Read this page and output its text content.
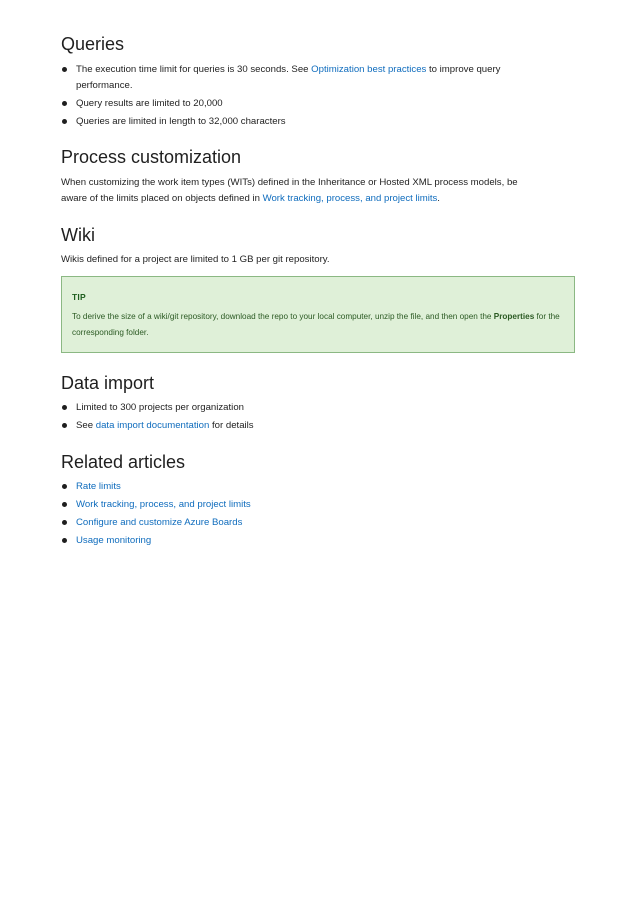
Queries
The execution time limit for queries is 30 seconds. See Optimization best practices to improve query performance.
Query results are limited to 20,000
Queries are limited in length to 32,000 characters
Process customization

When customizing the work item types (WITs) defined in the Inheritance or Hosted XML process models, be aware of the limits placed on objects defined in Work tracking, process, and project limits.

Wiki

Wikis defined for a project are limited to 1 GB per git repository.

TIP
To derive the size of a wiki/git repository, download the repo to your local computer, unzip the file, and then open the Properties for the corresponding folder.
Data import
Limited to 300 projects per organization
See data import documentation for details
Related articles
Rate limits
Work tracking, process, and project limits
Configure and customize Azure Boards
Usage monitoring
